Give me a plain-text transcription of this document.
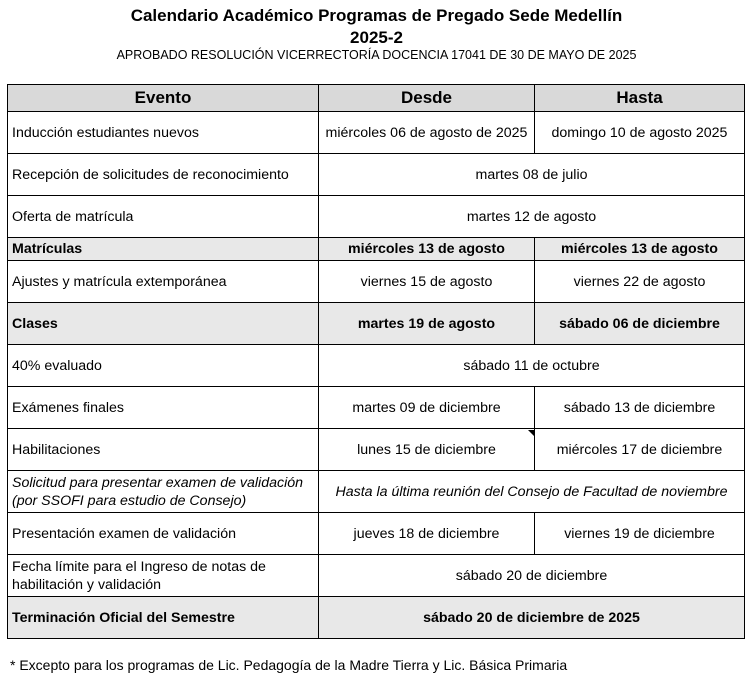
Calendario Académico Programas de Pregado Sede Medellín
2025-2
APROBADO RESOLUCIÓN VICERRECTORÍA DOCENCIA 17041 DE 30 DE MAYO DE 2025
Evento	Desde	Hasta
Inducción estudiantes nuevos	miércoles 06 de agosto de 2025	domingo 10 de agosto 2025
Recepción de solicitudes de reconocimiento	martes 08 de julio	
Oferta de matrícula	martes 12 de agosto	
Matrículas	miércoles 13 de agosto	miércoles 13 de agosto
Ajustes y matrícula extemporánea	viernes 15 de agosto	viernes 22 de agosto
Clases	martes 19 de agosto	sábado 06 de diciembre
40% evaluado	sábado 11 de octubre	
Exámenes finales	martes 09 de diciembre	sábado 13 de diciembre
Habilitaciones	lunes 15 de diciembre	miércoles 17 de diciembre
Solicitud para presentar examen de validación
(por SSOFI para estudio de Consejo)	Hasta la última reunión del Consejo de Facultad de noviembre	
Presentación examen de validación	jueves 18 de diciembre	viernes 19 de diciembre
Fecha límite para el Ingreso de notas de
habilitación y validación	sábado 20 de diciembre	
Terminación Oficial del Semestre	sábado 20 de diciembre de 2025	
* Excepto para los programas de Lic. Pedagogía de la Madre Tierra y Lic. Básica Primaria
